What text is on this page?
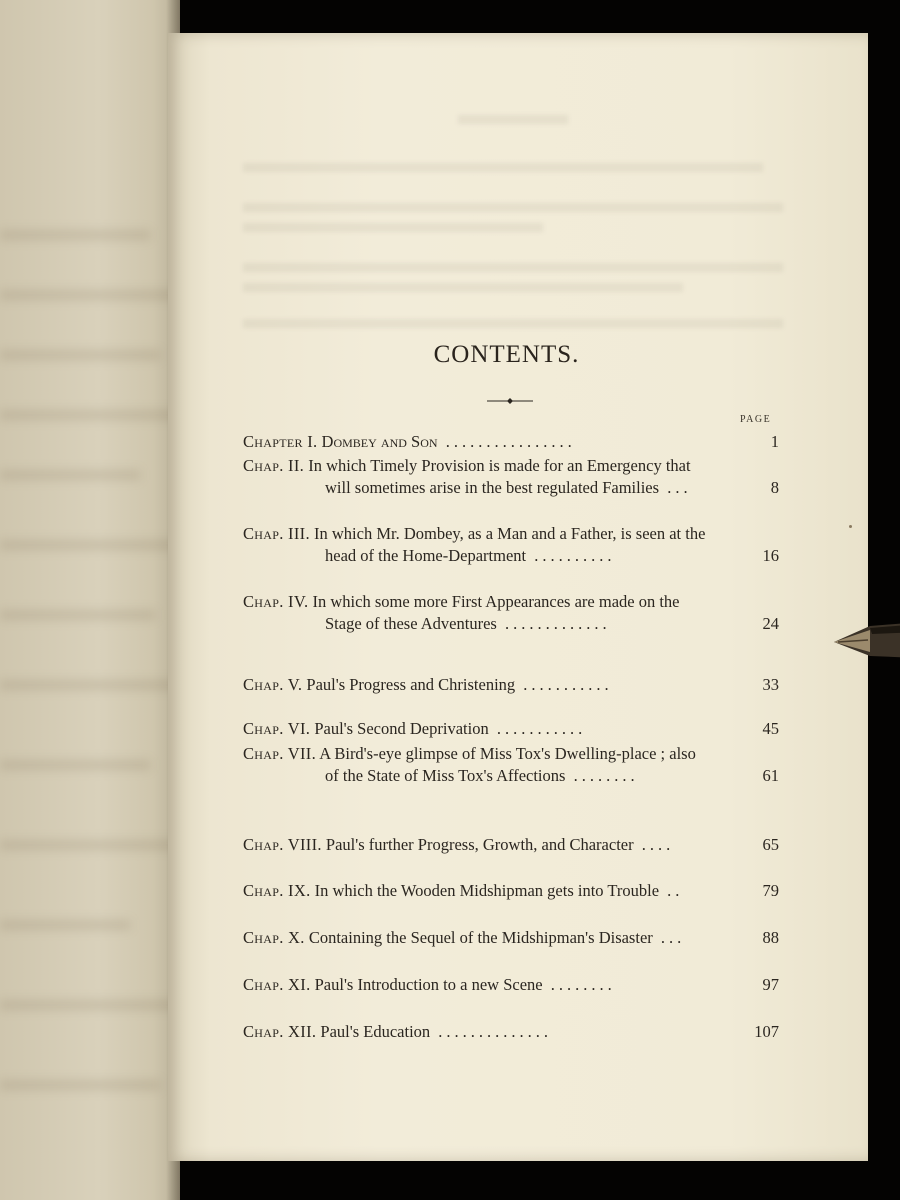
CONTENTS.
PAGE
Chapter I. Dombey and Son ................	1
Chap. II. In which Timely Provision is made for an Emergency that
will sometimes arise in the best regulated Families ...	8
Chap. III. In which Mr. Dombey, as a Man and a Father, is seen at the
head of the Home-Department ..........	16
Chap. IV. In which some more First Appearances are made on the
Stage of these Adventures .............	24
Chap. V. Paul's Progress and Christening ...........	33
Chap. VI. Paul's Second Deprivation ...........	45
Chap. VII. A Bird's-eye glimpse of Miss Tox's Dwelling-place ; also
of the State of Miss Tox's Affections ........	61
Chap. VIII. Paul's further Progress, Growth, and Character ....	65
Chap. IX. In which the Wooden Midshipman gets into Trouble ..	79
Chap. X. Containing the Sequel of the Midshipman's Disaster ...	88
Chap. XI. Paul's Introduction to a new Scene ........	97
Chap. XII. Paul's Education ..............	107
